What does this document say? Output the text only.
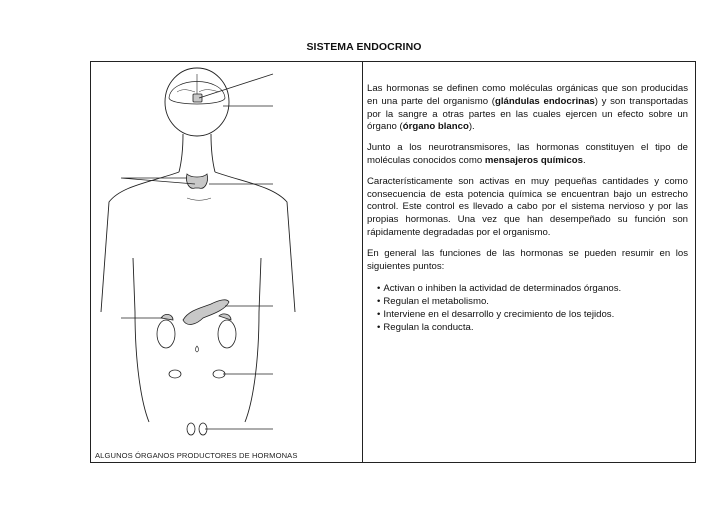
SISTEMA ENDOCRINO
ALGUNOS ÓRGANOS PRODUCTORES DE HORMONAS

Las hormonas se definen como moléculas orgánicas que son producidas en una parte del organismo (glándulas endocrinas) y son transportadas por la sangre a otras partes en las cuales ejercen un efecto sobre un órgano (órgano blanco).

Junto a los neurotransmisores, las hormonas constituyen el tipo de moléculas conocidos como mensajeros químicos.

Característicamente son activas en muy pequeñas cantidades y como consecuencia de esta potencia química se encuentran bajo un estrecho control. Este control es llevado a cabo por el sistema nervioso y por las propias hormonas. Una vez que han desempeñado su función son rápidamente degradadas por el organismo.

En general las funciones de las hormonas se pueden resumir en los siguientes puntos:

• Activan o inhiben la actividad de determinados órganos.
• Regulan el metabolismo.
• Interviene en el desarrollo y crecimiento de los tejidos.
• Regulan la conducta.
